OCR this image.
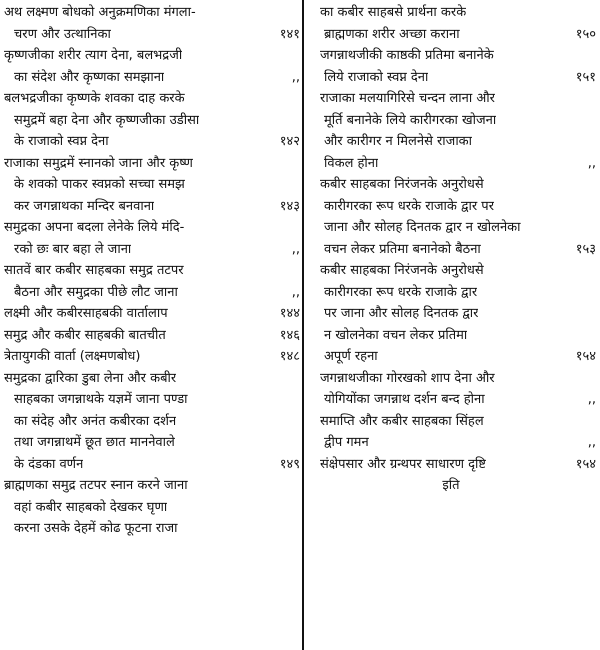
अथ लक्ष्मण बोधको अनुक्रमणिका मंगला-
चरण और उत्थानिका	१४१
कृष्णजीका शरीर त्याग देना, बलभद्रजी
का संदेश और कृष्णका समझाना	,,
बलभद्रजीका कृष्णके शवका दाह करके
समुद्रमें बहा देना और कृष्णजीका उडीसा
के राजाको स्वप्न देना	१४२
राजाका समुद्रमें स्नानको जाना और कृष्ण
के शवको पाकर स्वप्नको सच्चा समझ
कर जगन्नाथका मन्दिर बनवाना	१४३
समुद्रका अपना बदला लेनेके लिये मंदि-
रको छः बार बहा ले जाना	,,
सातवें बार कबीर साहबका समुद्र तटपर
बैठना और समुद्रका पीछे लौट जाना	,,
लक्ष्मी और कबीरसाहबकी वार्तालाप	१४४
समुद्र और कबीर साहबकी बातचीत	१४६
त्रेतायुगकी वार्ता (लक्ष्मणबोध)	१४८
समुद्रका द्वारिका डुबा लेना और कबीर
साहबका जगन्नाथके यज्ञमें जाना पण्डा
का संदेह और अनंत कबीरका दर्शन
तथा जगन्नाथमें छूत छात माननेवाले
के दंडका वर्णन	१४९
ब्राह्मणका समुद्र तटपर स्नान करने जाना
वहां कबीर साहबको देखकर घृणा
करना उसके देहमें कोढ फूटना राजा
का कबीर साहबसे प्रार्थना करके
ब्राह्मणका शरीर अच्छा कराना	१५०
जगन्नाथजीकी काष्ठकी प्रतिमा बनानेके
लिये राजाको स्वप्न देना	१५१
राजाका मलयागिरिसे चन्दन लाना और
मूर्ति बनानेके लिये कारीगरका खोजना
और कारीगर न मिलनेसे राजाका
विकल होना	,,
कबीर साहबका निरंजनके अनुरोधसे
कारीगरका रूप धरके राजाके द्वार पर
जाना और सोलह दिनतक द्वार न खोलनेका
वचन लेकर प्रतिमा बनानेको बैठना	१५३
कबीर साहबका निरंजनके अनुरोधसे
कारीगरका रूप धरके राजाके द्वार
पर जाना और सोलह दिनतक द्वार
न खोलनेका वचन लेकर प्रतिमा
अपूर्ण रहना	१५४
जगन्नाथजीका गोरखको शाप देना और
योगियोंका जगन्नाथ दर्शन बन्द होना	,,
समाप्ति और कबीर साहबका सिंहल
द्वीप गमन	,,
संक्षेपसार और ग्रन्थपर साधारण दृष्टि	१५४
इति
